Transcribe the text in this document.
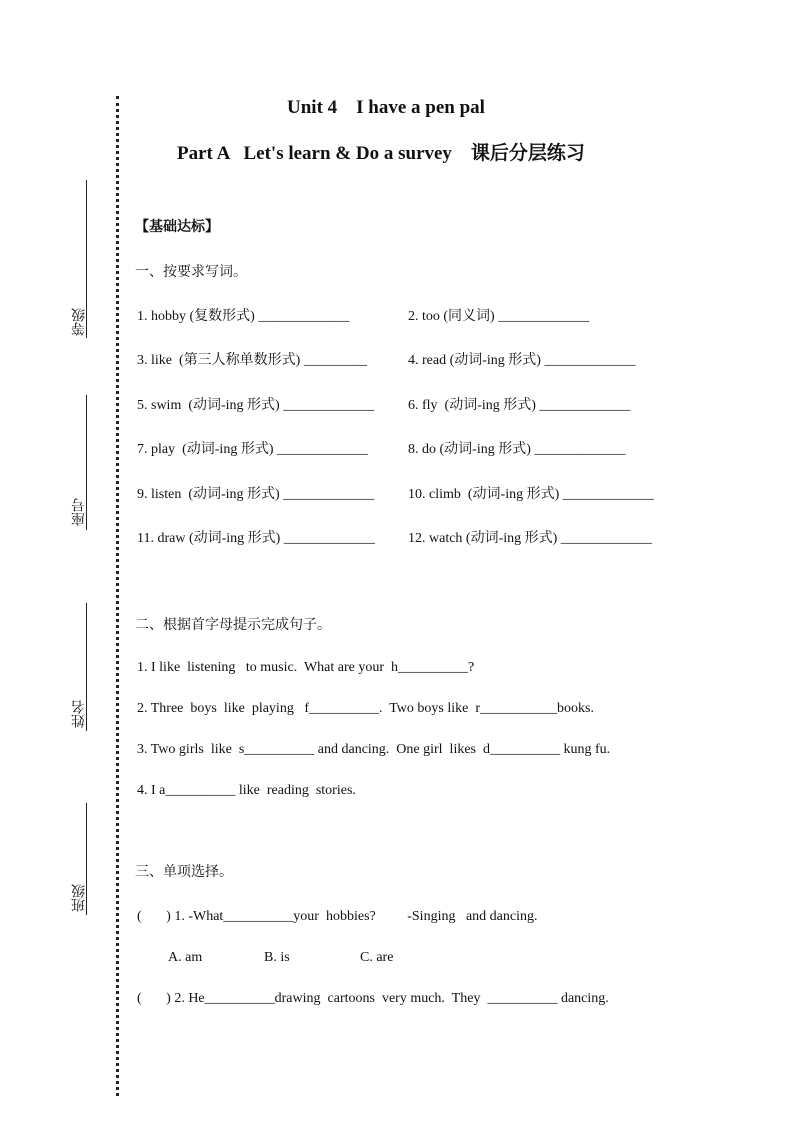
等级
座号
姓名
班级
Unit 4    I have a pen pal
Part A   Let's learn & Do a survey    课后分层练习
【基础达标】
一、按要求写词。
1. hobby (复数形式) _____________	2. too (同义词) _____________
3. like  (第三人称单数形式) _________	4. read (动词-ing 形式) _____________
5. swim  (动词-ing 形式) _____________ 6. fly  (动词-ing 形式) _____________
7. play  (动词-ing 形式) _____________	8. do (动词-ing 形式) _____________
9. listen  (动词-ing 形式) _____________ 10. climb  (动词-ing 形式) _____________
11. draw (动词-ing 形式) _____________ 12. watch (动词-ing 形式) _____________
二、根据首字母提示完成句子。
1. I like  listening   to music.  What are your  h__________?
2. Three  boys  like  playing   f__________.  Two boys like  r___________books.
3. Two girls  like  s__________ and dancing.  One girl  likes  d__________ kung fu.
4. I a__________ like  reading  stories.
三、单项选择。
(       ) 1. -What__________your  hobbies?         -Singing   and dancing.
A. am	B. is	C. are
(       ) 2. He__________drawing  cartoons  very much.  They  __________ dancing.
